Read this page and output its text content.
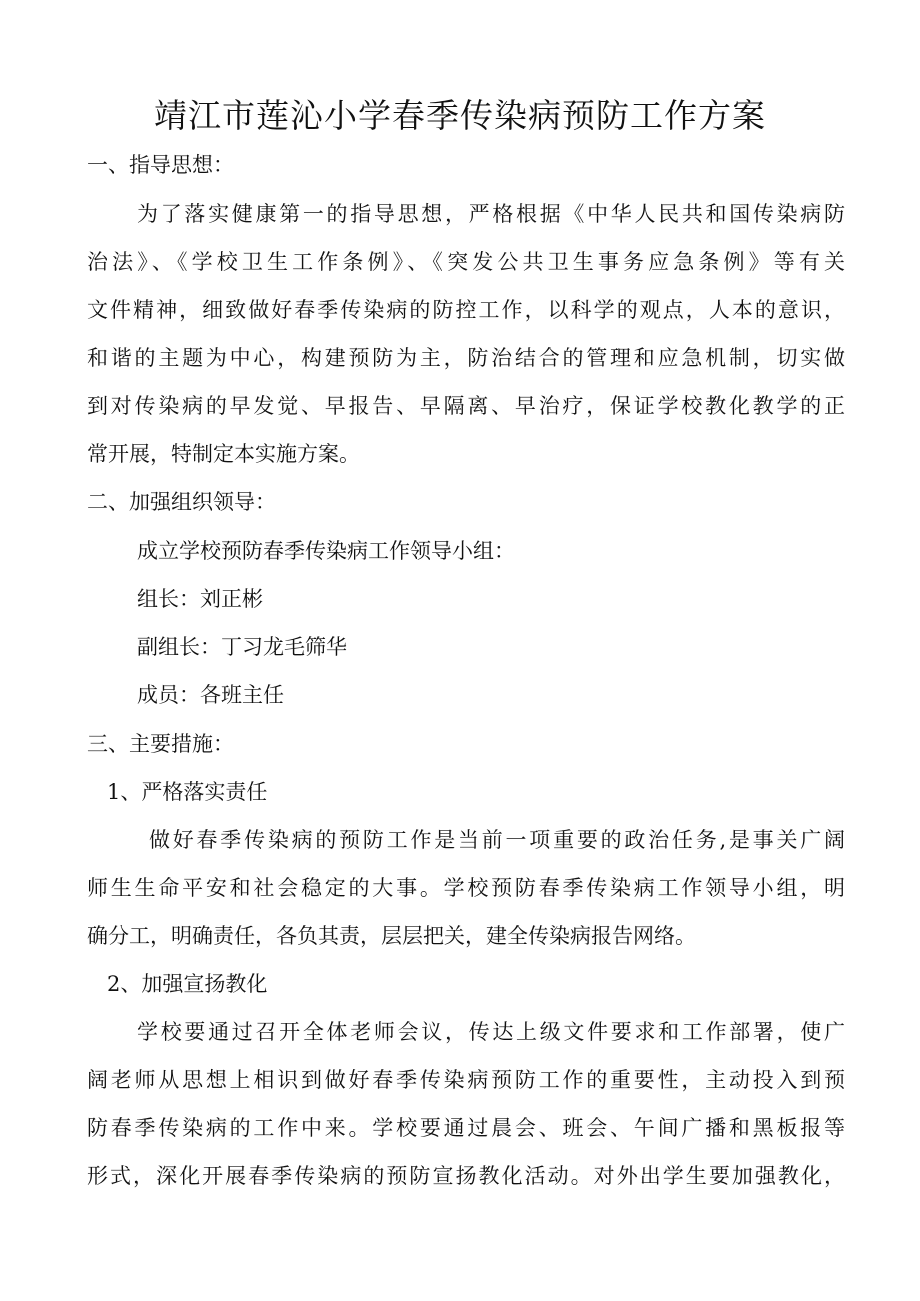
靖江市莲沁小学春季传染病预防工作方案

一、指导思想：

为了落实健康第一的指导思想，严格根据《中华人民共和国传染病防
治法》、《学校卫生工作条例》、《突发公共卫生事务应急条例》等有关
文件精神，细致做好春季传染病的防控工作，以科学的观点，人本的意识，
和谐的主题为中心，构建预防为主，防治结合的管理和应急机制，切实做
到对传染病的早发觉、早报告、早隔离、早治疗，保证学校教化教学的正
常开展，特制定本实施方案。

二、加强组织领导：

成立学校预防春季传染病工作领导小组：

组长：刘正彬

副组长：丁习龙毛筛华

成员：各班主任

三、主要措施：

1、严格落实责任

做好春季传染病的预防工作是当前一项重要的政治任务,是事关广阔
师生生命平安和社会稳定的大事。学校预防春季传染病工作领导小组，明
确分工，明确责任，各负其责，层层把关，建全传染病报告网络。

2、加强宣扬教化

学校要通过召开全体老师会议，传达上级文件要求和工作部署，使广
阔老师从思想上相识到做好春季传染病预防工作的重要性，主动投入到预
防春季传染病的工作中来。学校要通过晨会、班会、午间广播和黑板报等
形式，深化开展春季传染病的预防宣扬教化活动。对外出学生要加强教化，
